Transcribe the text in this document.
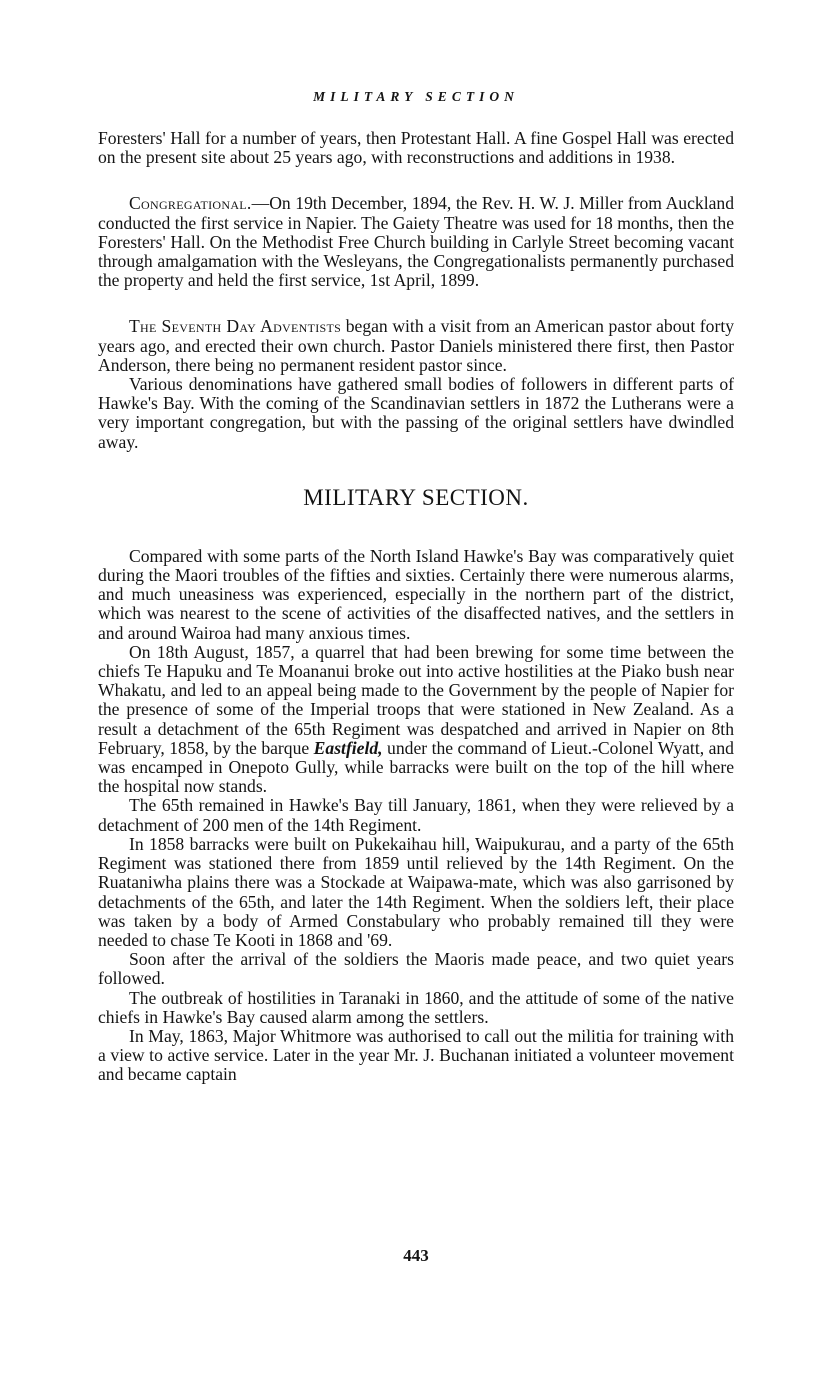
MILITARY SECTION

Foresters' Hall for a number of years, then Protestant Hall. A fine Gospel Hall was erected on the present site about 25 years ago, with reconstructions and additions in 1938.

Congregational.—On 19th December, 1894, the Rev. H. W. J. Miller from Auckland conducted the first service in Napier. The Gaiety Theatre was used for 18 months, then the Foresters' Hall. On the Methodist Free Church building in Carlyle Street becoming vacant through amalgamation with the Wesleyans, the Congregationalists permanently purchased the property and held the first service, 1st April, 1899.

The Seventh Day Adventists began with a visit from an American pastor about forty years ago, and erected their own church. Pastor Daniels ministered there first, then Pastor Anderson, there being no permanent resident pastor since.

Various denominations have gathered small bodies of followers in different parts of Hawke's Bay. With the coming of the Scandinavian settlers in 1872 the Lutherans were a very important congregation, but with the passing of the original settlers have dwindled away.

MILITARY SECTION.

Compared with some parts of the North Island Hawke's Bay was comparatively quiet during the Maori troubles of the fifties and sixties. Certainly there were numerous alarms, and much uneasiness was experienced, especially in the northern part of the district, which was nearest to the scene of activities of the disaffected natives, and the settlers in and around Wairoa had many anxious times.

On 18th August, 1857, a quarrel that had been brewing for some time between the chiefs Te Hapuku and Te Moananui broke out into active hostilities at the Piako bush near Whakatu, and led to an appeal being made to the Government by the people of Napier for the presence of some of the Imperial troops that were stationed in New Zealand. As a result a detachment of the 65th Regiment was despatched and arrived in Napier on 8th February, 1858, by the barque Eastfield, under the command of Lieut.-Colonel Wyatt, and was encamped in Onepoto Gully, while barracks were built on the top of the hill where the hospital now stands.

The 65th remained in Hawke's Bay till January, 1861, when they were relieved by a detachment of 200 men of the 14th Regiment.

In 1858 barracks were built on Pukekaihau hill, Waipukurau, and a party of the 65th Regiment was stationed there from 1859 until relieved by the 14th Regiment. On the Ruataniwha plains there was a Stockade at Waipawa-mate, which was also garrisoned by detachments of the 65th, and later the 14th Regiment. When the soldiers left, their place was taken by a body of Armed Constabulary who probably remained till they were needed to chase Te Kooti in 1868 and '69.

Soon after the arrival of the soldiers the Maoris made peace, and two quiet years followed.

The outbreak of hostilities in Taranaki in 1860, and the attitude of some of the native chiefs in Hawke's Bay caused alarm among the settlers.

In May, 1863, Major Whitmore was authorised to call out the militia for training with a view to active service. Later in the year Mr. J. Buchanan initiated a volunteer movement and became captain

443
